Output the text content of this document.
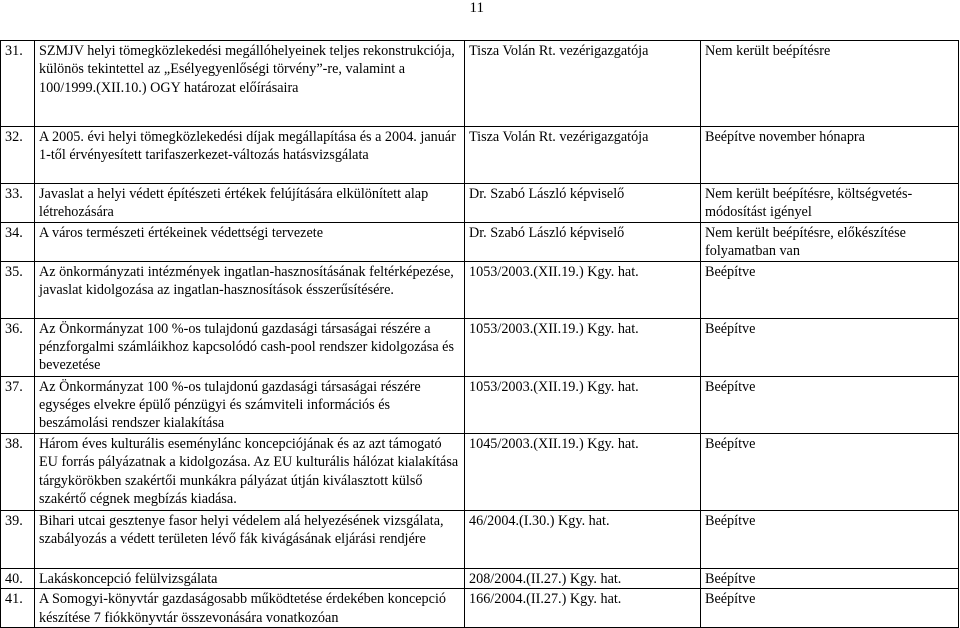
11
31.	SZMJV helyi tömegközlekedési megállóhelyeinek teljes rekonstrukciója, különös tekintettel az „Esélyegyenlőségi törvény”-re, valamint a 100/1999.(XII.10.) OGY határozat előírásaira	Tisza Volán Rt. vezérigazgatója	Nem került beépítésre
32.	A 2005. évi helyi tömegközlekedési díjak megállapítása és a 2004. január 1-től érvényesített tarifaszerkezet-változás hatásvizsgálata	Tisza Volán Rt. vezérigazgatója	Beépítve november hónapra
33.	Javaslat a helyi védett építészeti értékek felújítására elkülönített alap létrehozására	Dr. Szabó László képviselő	Nem került beépítésre, költségvetés-módosítást igényel
34.	A város természeti értékeinek védettségi tervezete	Dr. Szabó László képviselő	Nem került beépítésre, előkészítése folyamatban van
35.	Az önkormányzati intézmények ingatlan-hasznosításának feltérképezése, javaslat kidolgozása az ingatlan-hasznosítások ésszerűsítésére.	1053/2003.(XII.19.) Kgy. hat.	Beépítve
36.	Az Önkormányzat 100 %-os tulajdonú gazdasági társaságai részére a pénzforgalmi számláikhoz kapcsolódó cash-pool rendszer kidolgozása és bevezetése	1053/2003.(XII.19.) Kgy. hat.	Beépítve
37.	Az Önkormányzat 100 %-os tulajdonú gazdasági társaságai részére egységes elvekre épülő pénzügyi és számviteli információs és beszámolási rendszer kialakítása	1053/2003.(XII.19.) Kgy. hat.	Beépítve
38.	Három éves kulturális eseménylánc koncepciójának és az azt támogató EU forrás pályázatnak a kidolgozása. Az EU kulturális hálózat kialakítása tárgykörökben szakértői munkákra pályázat útján kiválasztott külső szakértő cégnek megbízás kiadása.	1045/2003.(XII.19.) Kgy. hat.	Beépítve
39.	Bihari utcai gesztenye fasor helyi védelem alá helyezésének vizsgálata, szabályozás a védett területen lévő fák kivágásának eljárási rendjére	46/2004.(I.30.) Kgy. hat.	Beépítve
40.	Lakáskoncepció felülvizsgálata	208/2004.(II.27.) Kgy. hat.	Beépítve
41.	A Somogyi-könyvtár gazdaságosabb működtetése érdekében koncepció készítése 7 fiókkönyvtár összevonására vonatkozóan	166/2004.(II.27.) Kgy. hat.	Beépítve
